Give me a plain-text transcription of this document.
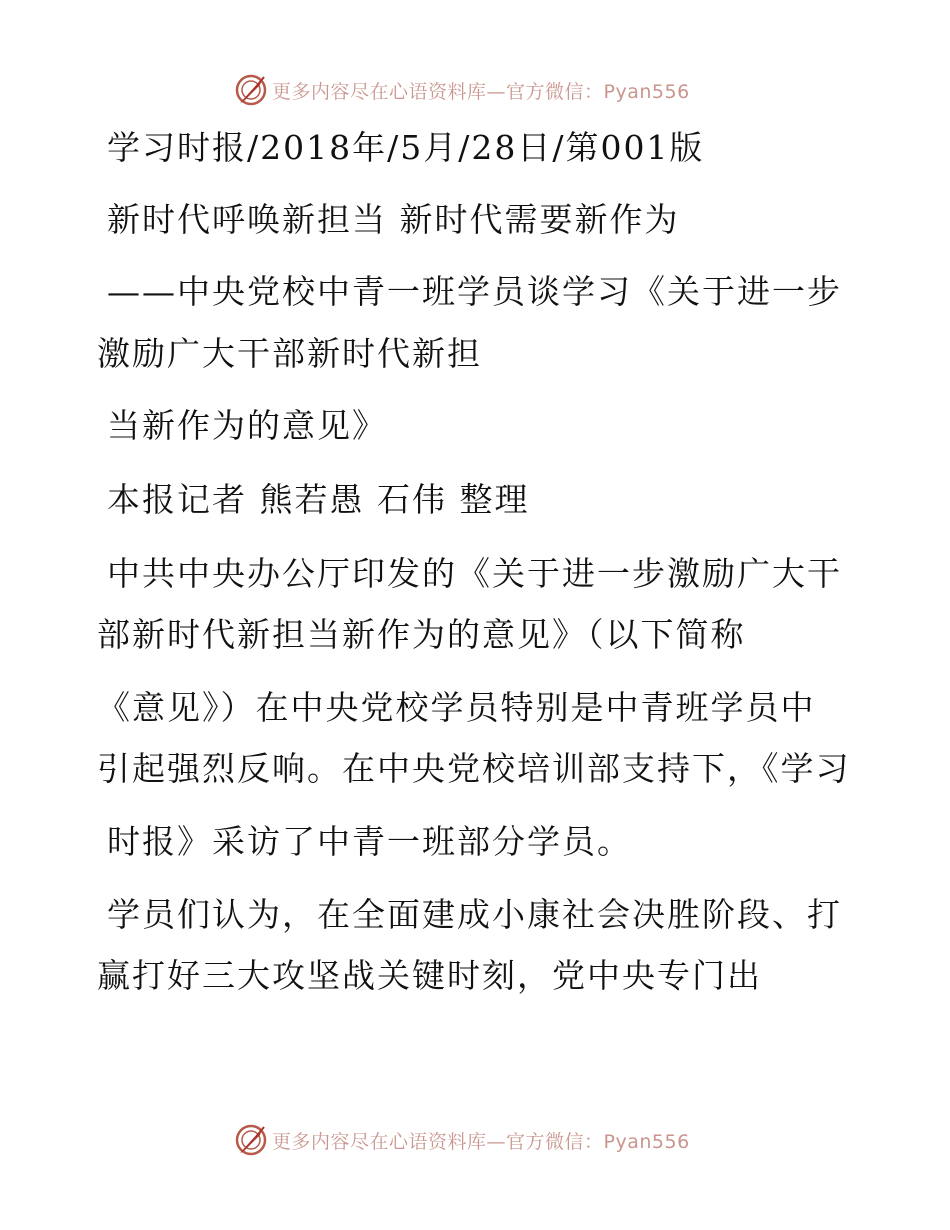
更多内容尽在心语资料库—官方微信：Pyan556
学习时报/2018年/5月/28日/第001版
新时代呼唤新担当 新时代需要新作为
——中央党校中青一班学员谈学习《关于进一步
激励广大干部新时代新担
当新作为的意见》
本报记者 熊若愚 石伟 整理
中共中央办公厅印发的《关于进一步激励广大干
部新时代新担当新作为的意见》（以下简称
《意见》）在中央党校学员特别是中青班学员中
引起强烈反响。在中央党校培训部支持下，《学习
时报》采访了中青一班部分学员。
学员们认为，在全面建成小康社会决胜阶段、打
赢打好三大攻坚战关键时刻，党中央专门出
更多内容尽在心语资料库—官方微信：Pyan556
